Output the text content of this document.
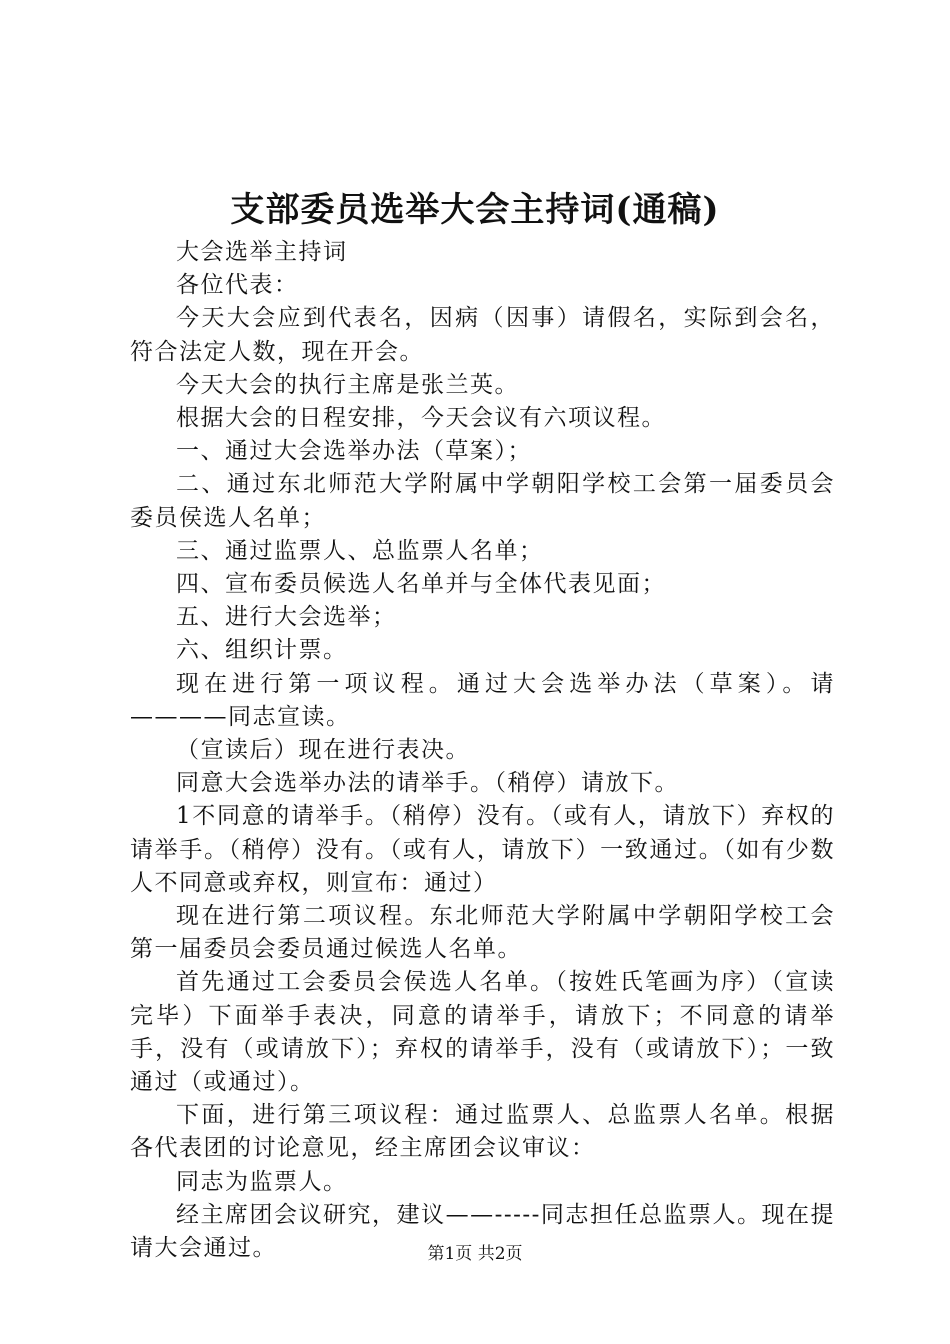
支部委员选举大会主持词(通稿)

大会选举主持词

各位代表：

今天大会应到代表名，因病（因事）请假名，实际到会名，符合法定人数，现在开会。

今天大会的执行主席是张兰英。

根据大会的日程安排，今天会议有六项议程。

一、通过大会选举办法（草案）；

二、通过东北师范大学附属中学朝阳学校工会第一届委员会委员侯选人名单；

三、通过监票人、总监票人名单；

四、宣布委员候选人名单并与全体代表见面；

五、进行大会选举；

六、组织计票。

现在进行第一项议程。通过大会选举办法（草案）。请————同志宣读。

（宣读后）现在进行表决。

同意大会选举办法的请举手。（稍停）请放下。

1不同意的请举手。（稍停）没有。（或有人，请放下）弃权的请举手。（稍停）没有。（或有人，请放下）一致通过。（如有少数人不同意或弃权，则宣布：通过）

现在进行第二项议程。东北师范大学附属中学朝阳学校工会第一届委员会委员通过候选人名单。

首先通过工会委员会侯选人名单。（按姓氏笔画为序）（宣读完毕）下面举手表决，同意的请举手，请放下；不同意的请举手，没有（或请放下）；弃权的请举手，没有（或请放下）；一致通过（或通过）。

下面，进行第三项议程：通过监票人、总监票人名单。根据各代表团的讨论意见，经主席团会议审议：

同志为监票人。

经主席团会议研究，建议——-----同志担任总监票人。现在提请大会通过。	第1页 共2页
